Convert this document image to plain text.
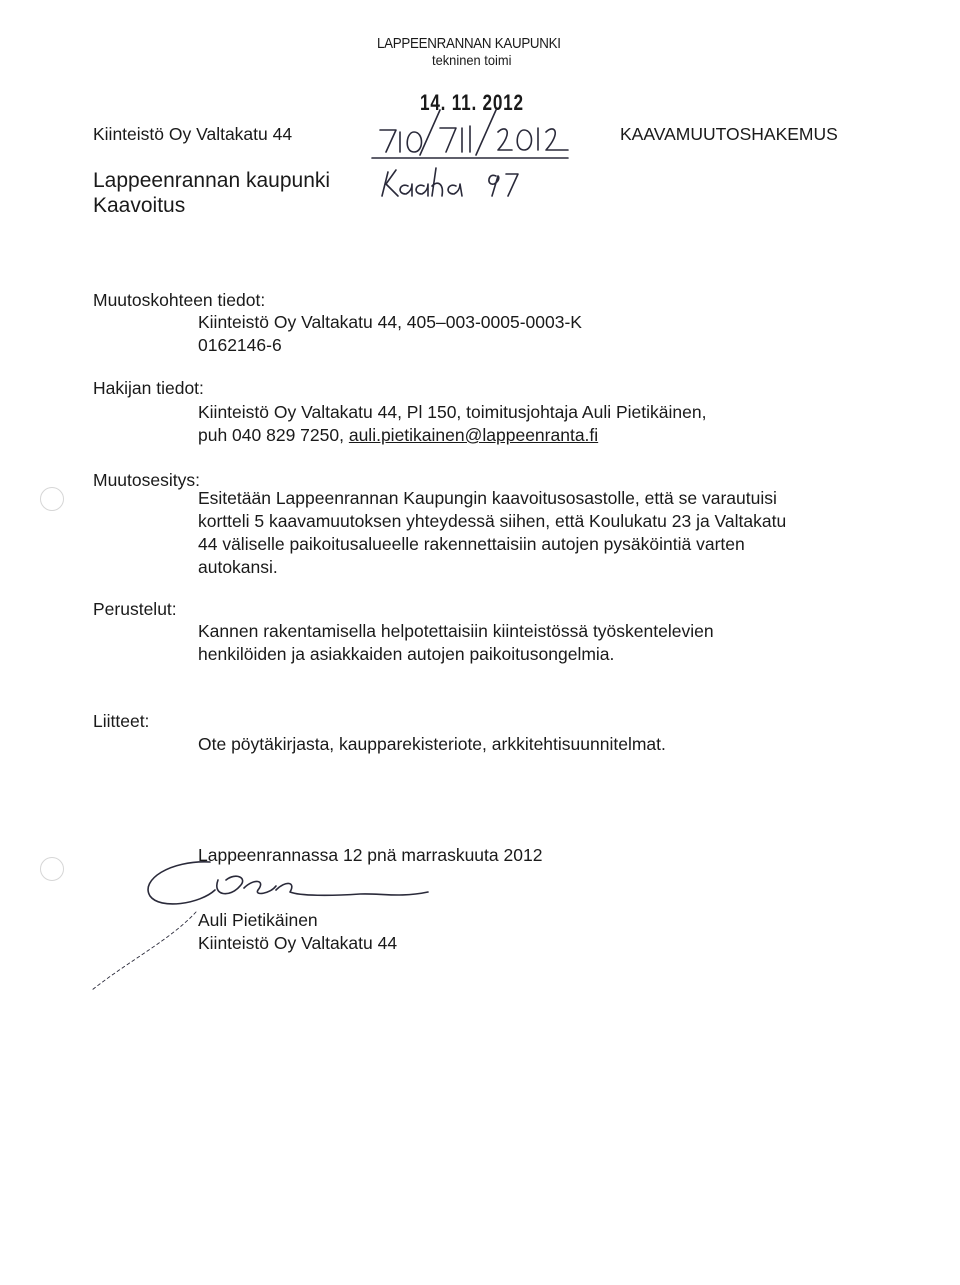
LAPPEENRANNAN KAUPUNKI
tekninen toimi
14. 11. 2012
Kiinteistö Oy Valtakatu 44	KAAVAMUUTOSHAKEMUS
Lappeenrannan kaupunki
Kaavoitus
Muutoskohteen tiedot:
Kiinteistö Oy Valtakatu 44, 405–003-0005-0003-K
0162146-6
Hakijan tiedot:
Kiinteistö Oy Valtakatu 44, Pl 150, toimitusjohtaja Auli Pietikäinen,
puh 040 829 7250, auli.pietikainen@lappeenranta.fi
Muutosesitys:
Esitetään Lappeenrannan Kaupungin kaavoitusosastolle, että se varautuisi
kortteli 5 kaavamuutoksen yhteydessä siihen, että Koulukatu 23 ja Valtakatu
44 väliselle paikoitusalueelle rakennettaisiin autojen pysäköintiä varten
autokansi.
Perustelut:
Kannen rakentamisella helpotettaisiin kiinteistössä työskentelevien
henkilöiden ja asiakkaiden autojen paikoitusongelmia.
Liitteet:
Ote pöytäkirjasta, kaupparekisteriote, arkkitehtisuunnitelmat.
Lappeenrannassa 12 pnä marraskuuta 2012
Auli Pietikäinen
Kiinteistö Oy Valtakatu 44
